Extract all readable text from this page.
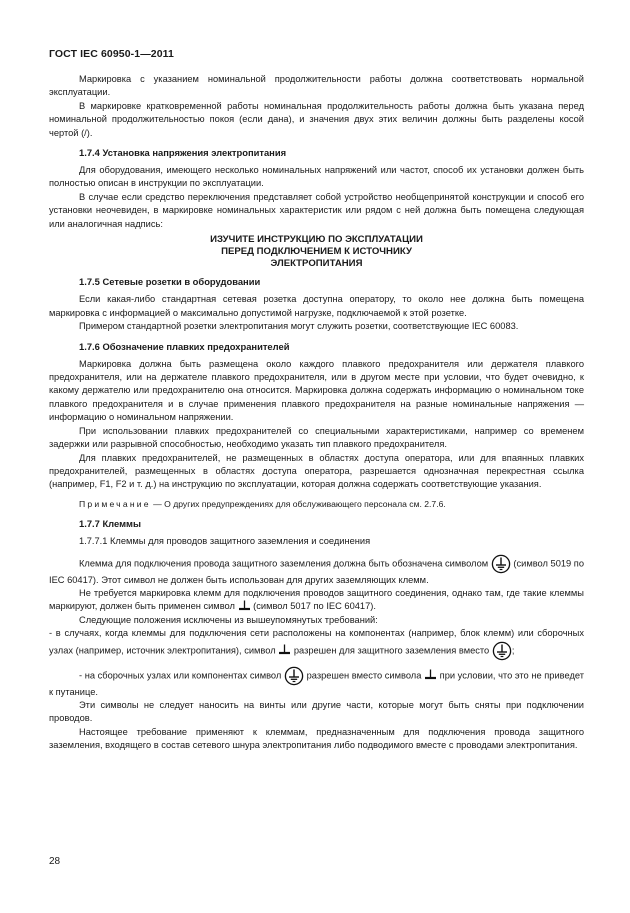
ГОСТ IEC 60950-1—2011

Маркировка с указанием номинальной продолжительности работы должна соответствовать нормальной эксплуатации.

В маркировке кратковременной работы номинальная продолжительность работы должна быть указана перед номинальной продолжительностью покоя (если дана), и значения двух этих величин должны быть разделены косой чертой (/).

1.7.4 Установка напряжения электропитания

Для оборудования, имеющего несколько номинальных напряжений или частот, способ их установки должен быть полностью описан в инструкции по эксплуатации.

В случае если средство переключения представляет собой устройство необщепринятой конструкции и способ его установки неочевиден, в маркировке номинальных характеристик или рядом с ней должна быть помещена следующая или аналогичная надпись:

ИЗУЧИТЕ ИНСТРУКЦИЮ ПО ЭКСПЛУАТАЦИИ
ПЕРЕД ПОДКЛЮЧЕНИЕМ К ИСТОЧНИКУ
ЭЛЕКТРОПИТАНИЯ
1.7.5 Сетевые розетки в оборудовании

Если какая-либо стандартная сетевая розетка доступна оператору, то около нее должна быть помещена маркировка с информацией о максимально допустимой нагрузке, подключаемой к этой розетке.

Примером стандартной розетки электропитания могут служить розетки, соответствующие IEC 60083.

1.7.6 Обозначение плавких предохранителей

Маркировка должна быть размещена около каждого плавкого предохранителя или держателя плавкого предохранителя, или на держателе плавкого предохранителя, или в другом месте при условии, что будет очевидно, к какому держателю или предохранителю она относится. Маркировка должна содержать информацию о номинальном токе плавкого предохранителя и в случае применения плавкого предохранителя на разные номинальные напряжения — информацию о номинальном напряжении.

При использовании плавких предохранителей со специальными характеристиками, например со временем задержки или разрывной способностью, необходимо указать тип плавкого предохранителя.

Для плавких предохранителей, не размещенных в областях доступа оператора, или для впаянных плавких предохранителей, размещенных в областях доступа оператора, разрешается однозначная перекрестная ссылка (например, F1, F2 и т. д.) на инструкцию по эксплуатации, которая должна содержать соответствующие указания.

Примечание — О других предупреждениях для обслуживающего персонала см. 2.7.6.

1.7.7 Клеммы

1.7.7.1 Клеммы для проводов защитного заземления и соединения

Клемма для подключения провода защитного заземления должна быть обозначена символом	(символ 5019 по IEC 60417). Этот символ не должен быть использован для других заземляющих клемм.

Не требуется маркировка клемм для подключения проводов защитного соединения, однако там, где такие клеммы маркируют, должен быть применен символ (символ 5017 по IEC 60417).

Следующие положения исключены из вышеупомянутых требований:

- в случаях, когда клеммы для подключения сети расположены на компонентах (например, блок клемм) или сборочных узлах (например, источник электропитания), символ разрешен для защитного заземления вместо ;

- на сборочных узлах или компонентах символ	разрешен вместо символа при условии, что это не приведет к путанице.

Эти символы не следует наносить на винты или другие части, которые могут быть сняты при подключении проводов.

Настоящее требование применяют к клеммам, предназначенным для подключения провода защитного заземления, входящего в состав сетевого шнура электропитания либо подводимого вместе с проводами электропитания.

28
